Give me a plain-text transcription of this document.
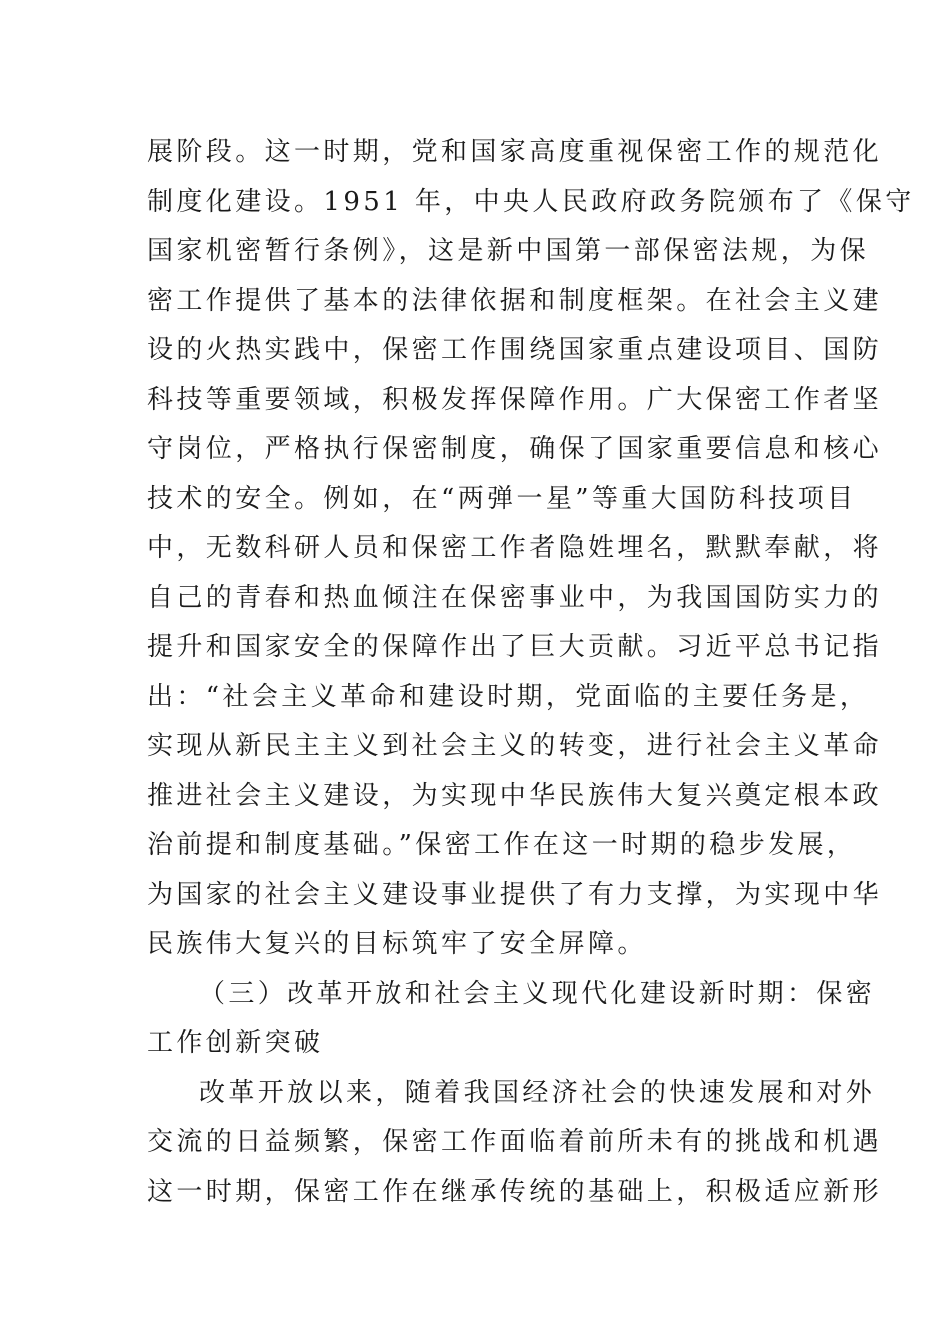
展阶段。这一时期，党和国家高度重视保密工作的规范化
制度化建设。1951 年，中央人民政府政务院颁布了《保守
国家机密暂行条例》，这是新中国第一部保密法规，为保
密工作提供了基本的法律依据和制度框架。在社会主义建
设的火热实践中，保密工作围绕国家重点建设项目、国防
科技等重要领域，积极发挥保障作用。广大保密工作者坚
守岗位，严格执行保密制度，确保了国家重要信息和核心
技术的安全。例如，在“两弹一星”等重大国防科技项目
中，无数科研人员和保密工作者隐姓埋名，默默奉献，将
自己的青春和热血倾注在保密事业中，为我国国防实力的
提升和国家安全的保障作出了巨大贡献。习近平总书记指
出：“社会主义革命和建设时期，党面临的主要任务是，
实现从新民主主义到社会主义的转变，进行社会主义革命
推进社会主义建设，为实现中华民族伟大复兴奠定根本政
治前提和制度基础。”保密工作在这一时期的稳步发展，
为国家的社会主义建设事业提供了有力支撑，为实现中华
民族伟大复兴的目标筑牢了安全屏障。
（三）改革开放和社会主义现代化建设新时期：保密
工作创新突破
改革开放以来，随着我国经济社会的快速发展和对外
交流的日益频繁，保密工作面临着前所未有的挑战和机遇
这一时期，保密工作在继承传统的基础上，积极适应新形
